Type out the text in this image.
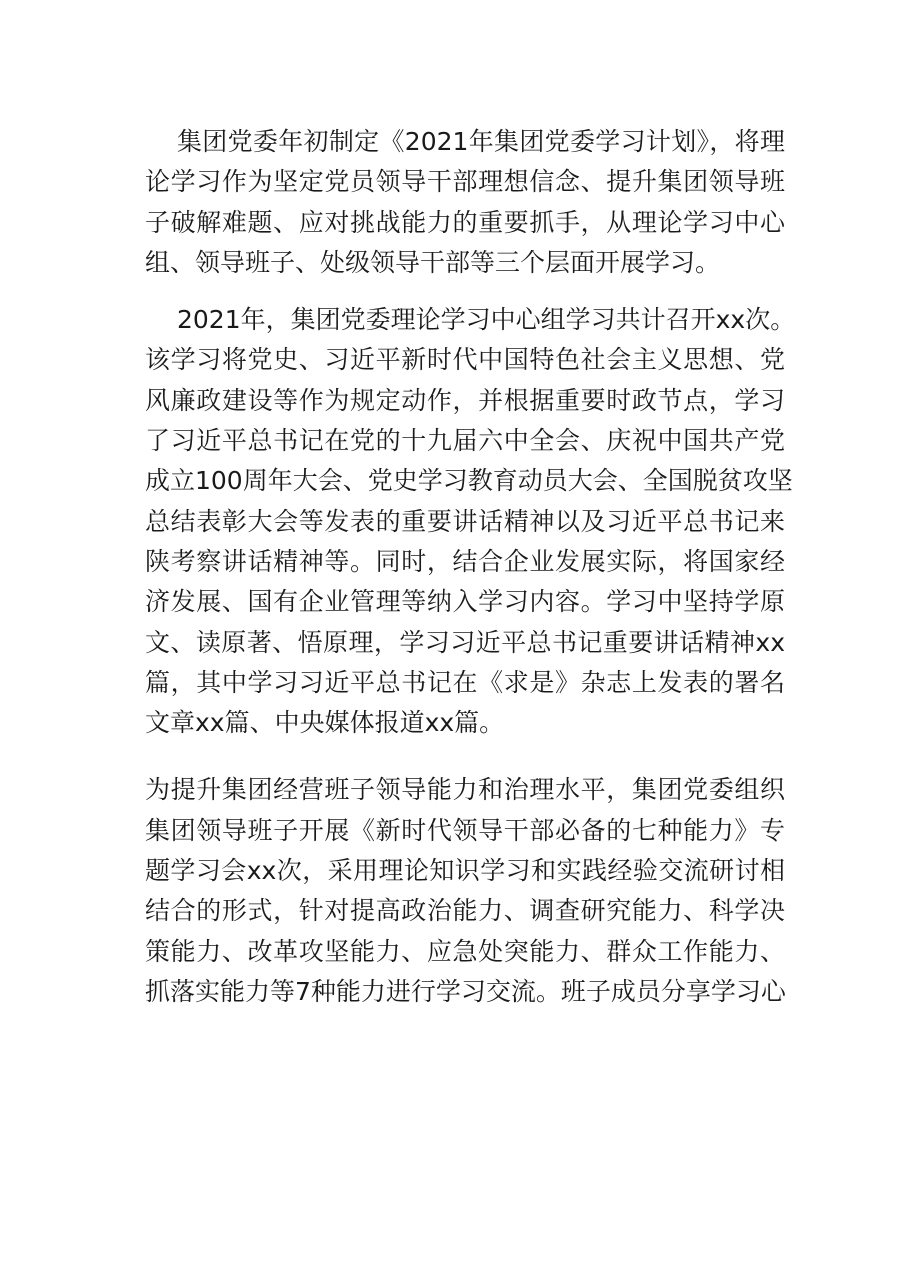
集团党委年初制定《2021年集团党委学习计划》，将理
论学习作为坚定党员领导干部理想信念、提升集团领导班
子破解难题、应对挑战能力的重要抓手，从理论学习中心
组、领导班子、处级领导干部等三个层面开展学习。
2021年，集团党委理论学习中心组学习共计召开xx次。
该学习将党史、习近平新时代中国特色社会主义思想、党
风廉政建设等作为规定动作，并根据重要时政节点，学习
了习近平总书记在党的十九届六中全会、庆祝中国共产党
成立100周年大会、党史学习教育动员大会、全国脱贫攻坚
总结表彰大会等发表的重要讲话精神以及习近平总书记来
陕考察讲话精神等。同时，结合企业发展实际，将国家经
济发展、国有企业管理等纳入学习内容。学习中坚持学原
文、读原著、悟原理，学习习近平总书记重要讲话精神xx
篇，其中学习习近平总书记在《求是》杂志上发表的署名
文章xx篇、中央媒体报道xx篇。
为提升集团经营班子领导能力和治理水平，集团党委组织
集团领导班子开展《新时代领导干部必备的七种能力》专
题学习会xx次，采用理论知识学习和实践经验交流研讨相
结合的形式，针对提高政治能力、调查研究能力、科学决
策能力、改革攻坚能力、应急处突能力、群众工作能力、
抓落实能力等7种能力进行学习交流。班子成员分享学习心
